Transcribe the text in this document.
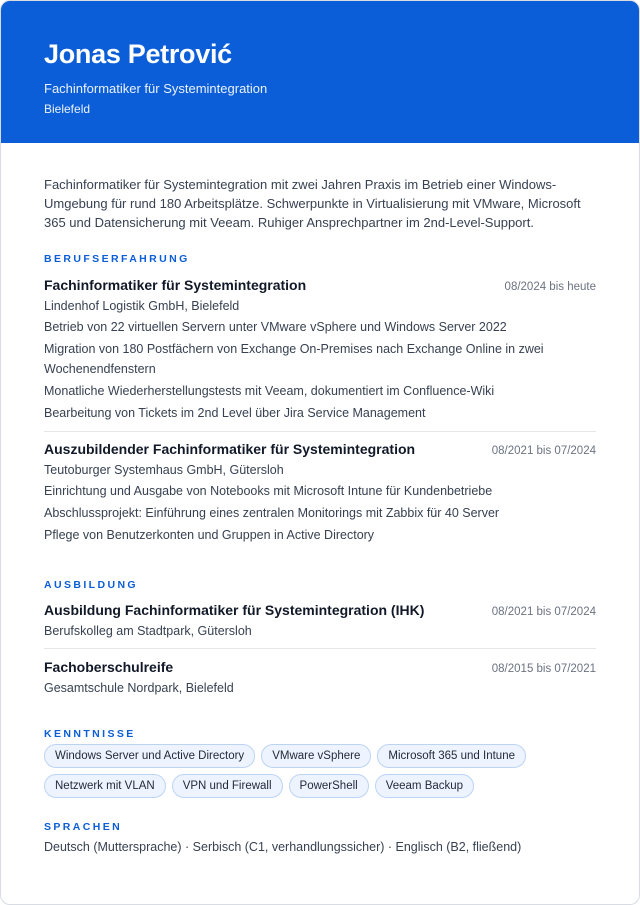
Jonas Petrović
Fachinformatiker für Systemintegration
Bielefeld

Fachinformatiker für Systemintegration mit zwei Jahren Praxis im Betrieb einer Windows-Umgebung für rund 180 Arbeitsplätze. Schwerpunkte in Virtualisierung mit VMware, Microsoft 365 und Datensicherung mit Veeam. Ruhiger Ansprechpartner im 2nd-Level-Support.

BERUFSERFAHRUNG
Fachinformatiker für Systemintegration	08/2024 bis heute
Lindenhof Logistik GmbH, Bielefeld
Betrieb von 22 virtuellen Servern unter VMware vSphere und Windows Server 2022
Migration von 180 Postfächern von Exchange On-Premises nach Exchange Online in zwei Wochenendfenstern
Monatliche Wiederherstellungstests mit Veeam, dokumentiert im Confluence-Wiki
Bearbeitung von Tickets im 2nd Level über Jira Service Management
Auszubildender Fachinformatiker für Systemintegration	08/2021 bis 07/2024
Teutoburger Systemhaus GmbH, Gütersloh
Einrichtung und Ausgabe von Notebooks mit Microsoft Intune für Kundenbetriebe
Abschlussprojekt: Einführung eines zentralen Monitorings mit Zabbix für 40 Server
Pflege von Benutzerkonten und Gruppen in Active Directory
AUSBILDUNG
Ausbildung Fachinformatiker für Systemintegration (IHK)	08/2021 bis 07/2024
Berufskolleg am Stadtpark, Gütersloh
Fachoberschulreife	08/2015 bis 07/2021
Gesamtschule Nordpark, Bielefeld
KENNTNISSE
Windows Server und Active Directory	VMware vSphere	Microsoft 365 und Intune
Netzwerk mit VLAN	VPN und Firewall	PowerShell	Veeam Backup
SPRACHEN
Deutsch (Muttersprache) · Serbisch (C1, verhandlungssicher) · Englisch (B2, fließend)
